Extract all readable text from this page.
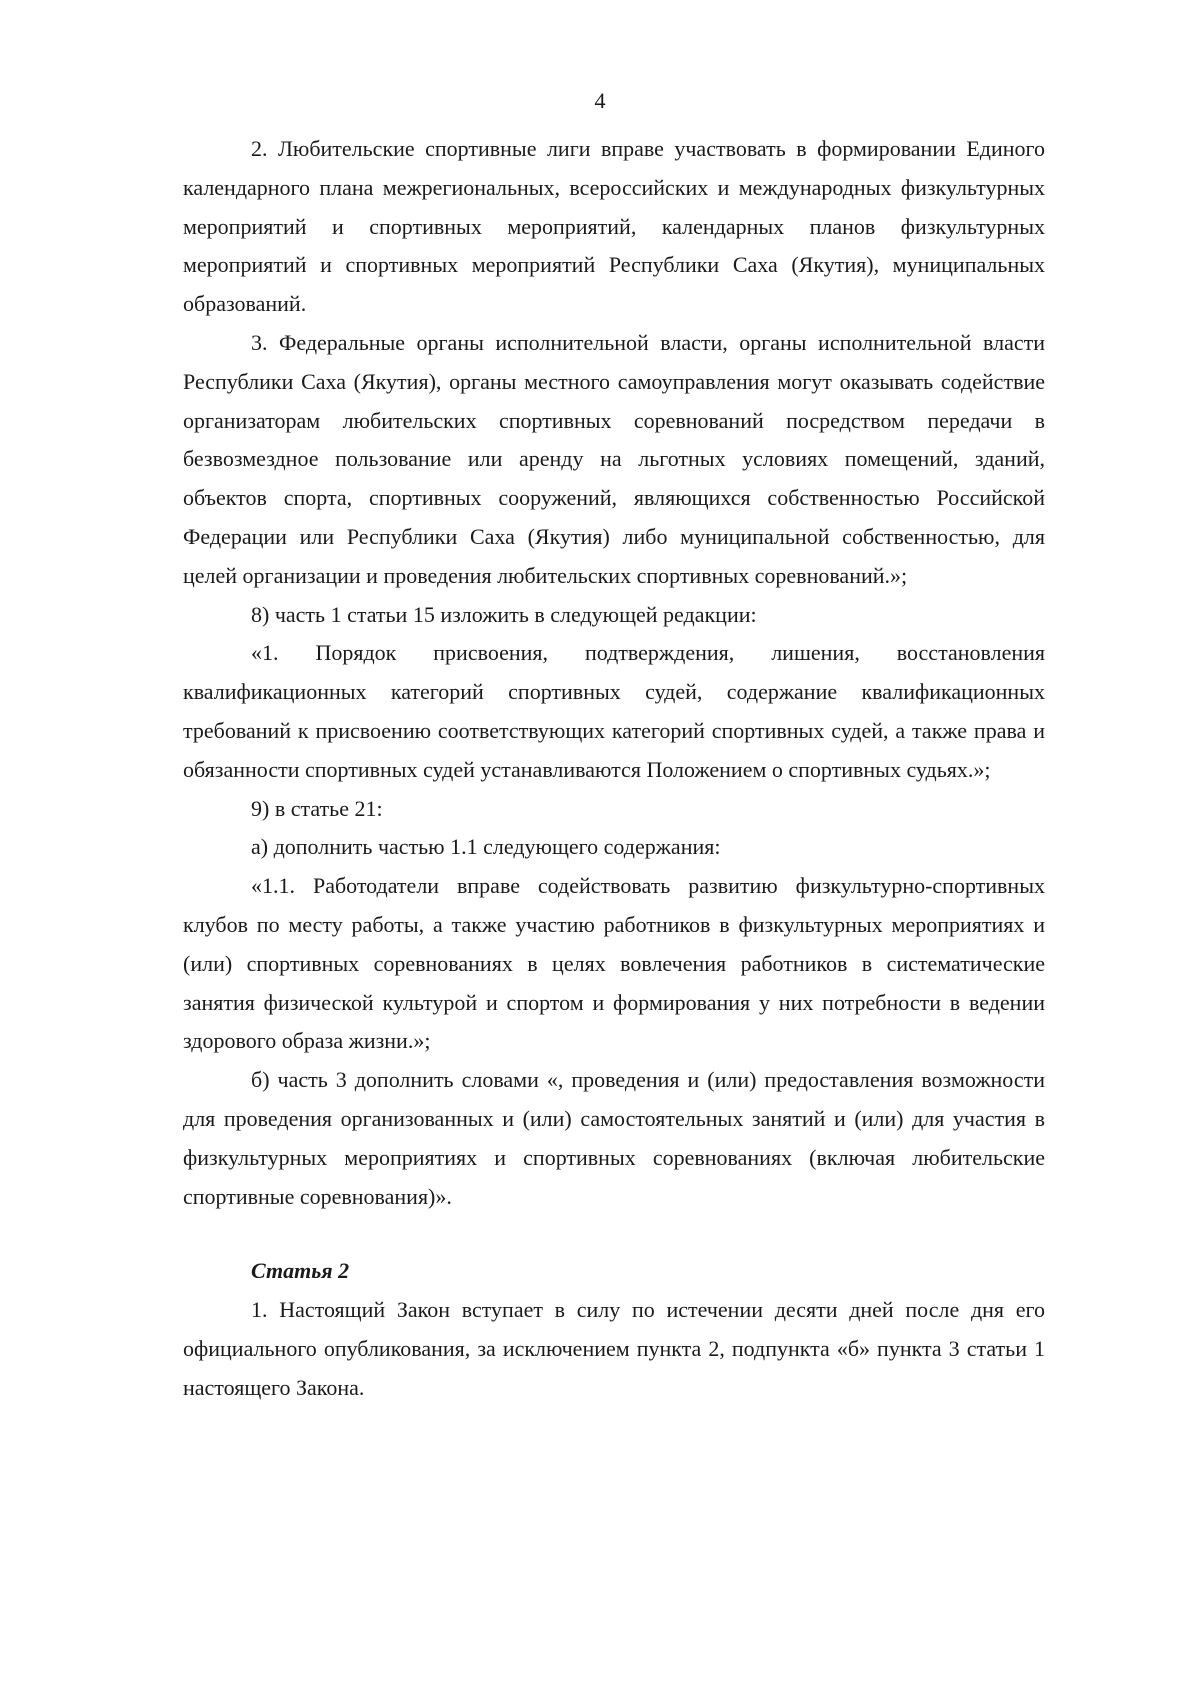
4

2. Любительские спортивные лиги вправе участвовать в формировании Единого календарного плана межрегиональных, всероссийских и международных физкультурных мероприятий и спортивных мероприятий, календарных планов физкультурных мероприятий и спортивных мероприятий Республики Саха (Якутия), муниципальных образований.

3. Федеральные органы исполнительной власти, органы исполнительной власти Республики Саха (Якутия), органы местного самоуправления могут оказывать содействие организаторам любительских спортивных соревнований посредством передачи в безвозмездное пользование или аренду на льготных условиях помещений, зданий, объектов спорта, спортивных сооружений, являющихся собственностью Российской Федерации или Республики Саха (Якутия) либо муниципальной собственностью, для целей организации и проведения любительских спортивных соревнований.»;

8) часть 1 статьи 15 изложить в следующей редакции:

«1. Порядок присвоения, подтверждения, лишения, восстановления квалификационных категорий спортивных судей, содержание квалификационных требований к присвоению соответствующих категорий спортивных судей, а также права и обязанности спортивных судей устанавливаются Положением о спортивных судьях.»;

9) в статье 21:

а) дополнить частью 1.1 следующего содержания:

«1.1. Работодатели вправе содействовать развитию физкультурно-спортивных клубов по месту работы, а также участию работников в физкультурных мероприятиях и (или) спортивных соревнованиях в целях вовлечения работников в систематические занятия физической культурой и спортом и формирования у них потребности в ведении здорового образа жизни.»;

б) часть 3 дополнить словами «, проведения и (или) предоставления возможности для проведения организованных и (или) самостоятельных занятий и (или) для участия в физкультурных мероприятиях и спортивных соревнованиях (включая любительские спортивные соревнования)».

Статья 2

1. Настоящий Закон вступает в силу по истечении десяти дней после дня его официального опубликования, за исключением пункта 2, подпункта «б» пункта 3 статьи 1 настоящего Закона.
